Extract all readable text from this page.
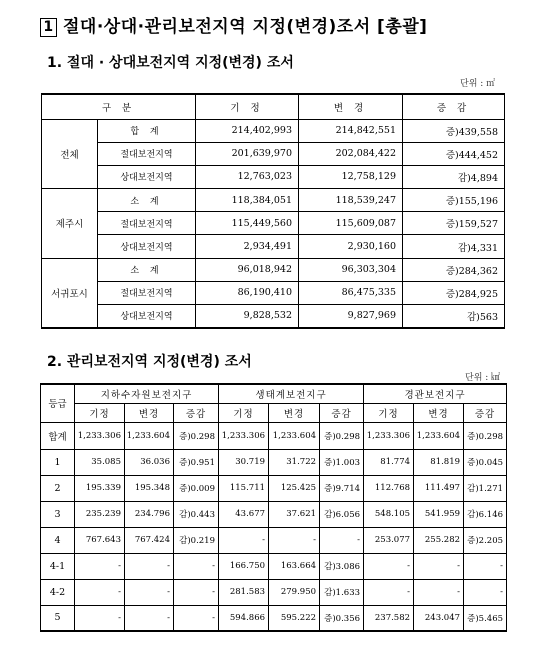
1 절대·상대·관리보전지역 지정(변경)조서 [총괄]
1. 절대 · 상대보전지역 지정(변경) 조서
단위 : ㎡
구 분		기 정	변 경	증 감
전체	합 계	214,402,993	214,842,551	증)439,558
	절대보전지역	201,639,970	202,084,422	증)444,452
	상대보전지역	12,763,023	12,758,129	감)4,894
제주시	소 계	118,384,051	118,539,247	증)155,196
	절대보전지역	115,449,560	115,609,087	증)159,527
	상대보전지역	2,934,491	2,930,160	감)4,331
서귀포시	소 계	96,018,942	96,303,304	증)284,362
	절대보전지역	86,190,410	86,475,335	증)284,925
	상대보전지역	9,828,532	9,827,969	감)563
2. 관리보전지역 지정(변경) 조서
단위 : ㎢
등급	지하수자원보전지구			생태계보전지구			경관보전지구		
	기정	변경	증감	기정	변경	증감	기정	변경	증감
합계	1,233.306	1,233.604	증)0.298	1,233.306	1,233.604	증)0.298	1,233.306	1,233.604	증)0.298
1	35.085	36.036	증)0.951	30.719	31.722	증)1.003	81.774	81.819	증)0.045
2	195.339	195.348	증)0.009	115.711	125.425	증)9.714	112.768	111.497	감)1.271
3	235.239	234.796	감)0.443	43.677	37.621	감)6.056	548.105	541.959	감)6.146
4	767.643	767.424	감)0.219	-	-	-	253.077	255.282	증)2.205
4-1	-	-	-	166.750	163.664	감)3.086	-	-	-
4-2	-	-	-	281.583	279.950	감)1.633	-	-	-
5	-	-	-	594.866	595.222	증)0.356	237.582	243.047	증)5.465
